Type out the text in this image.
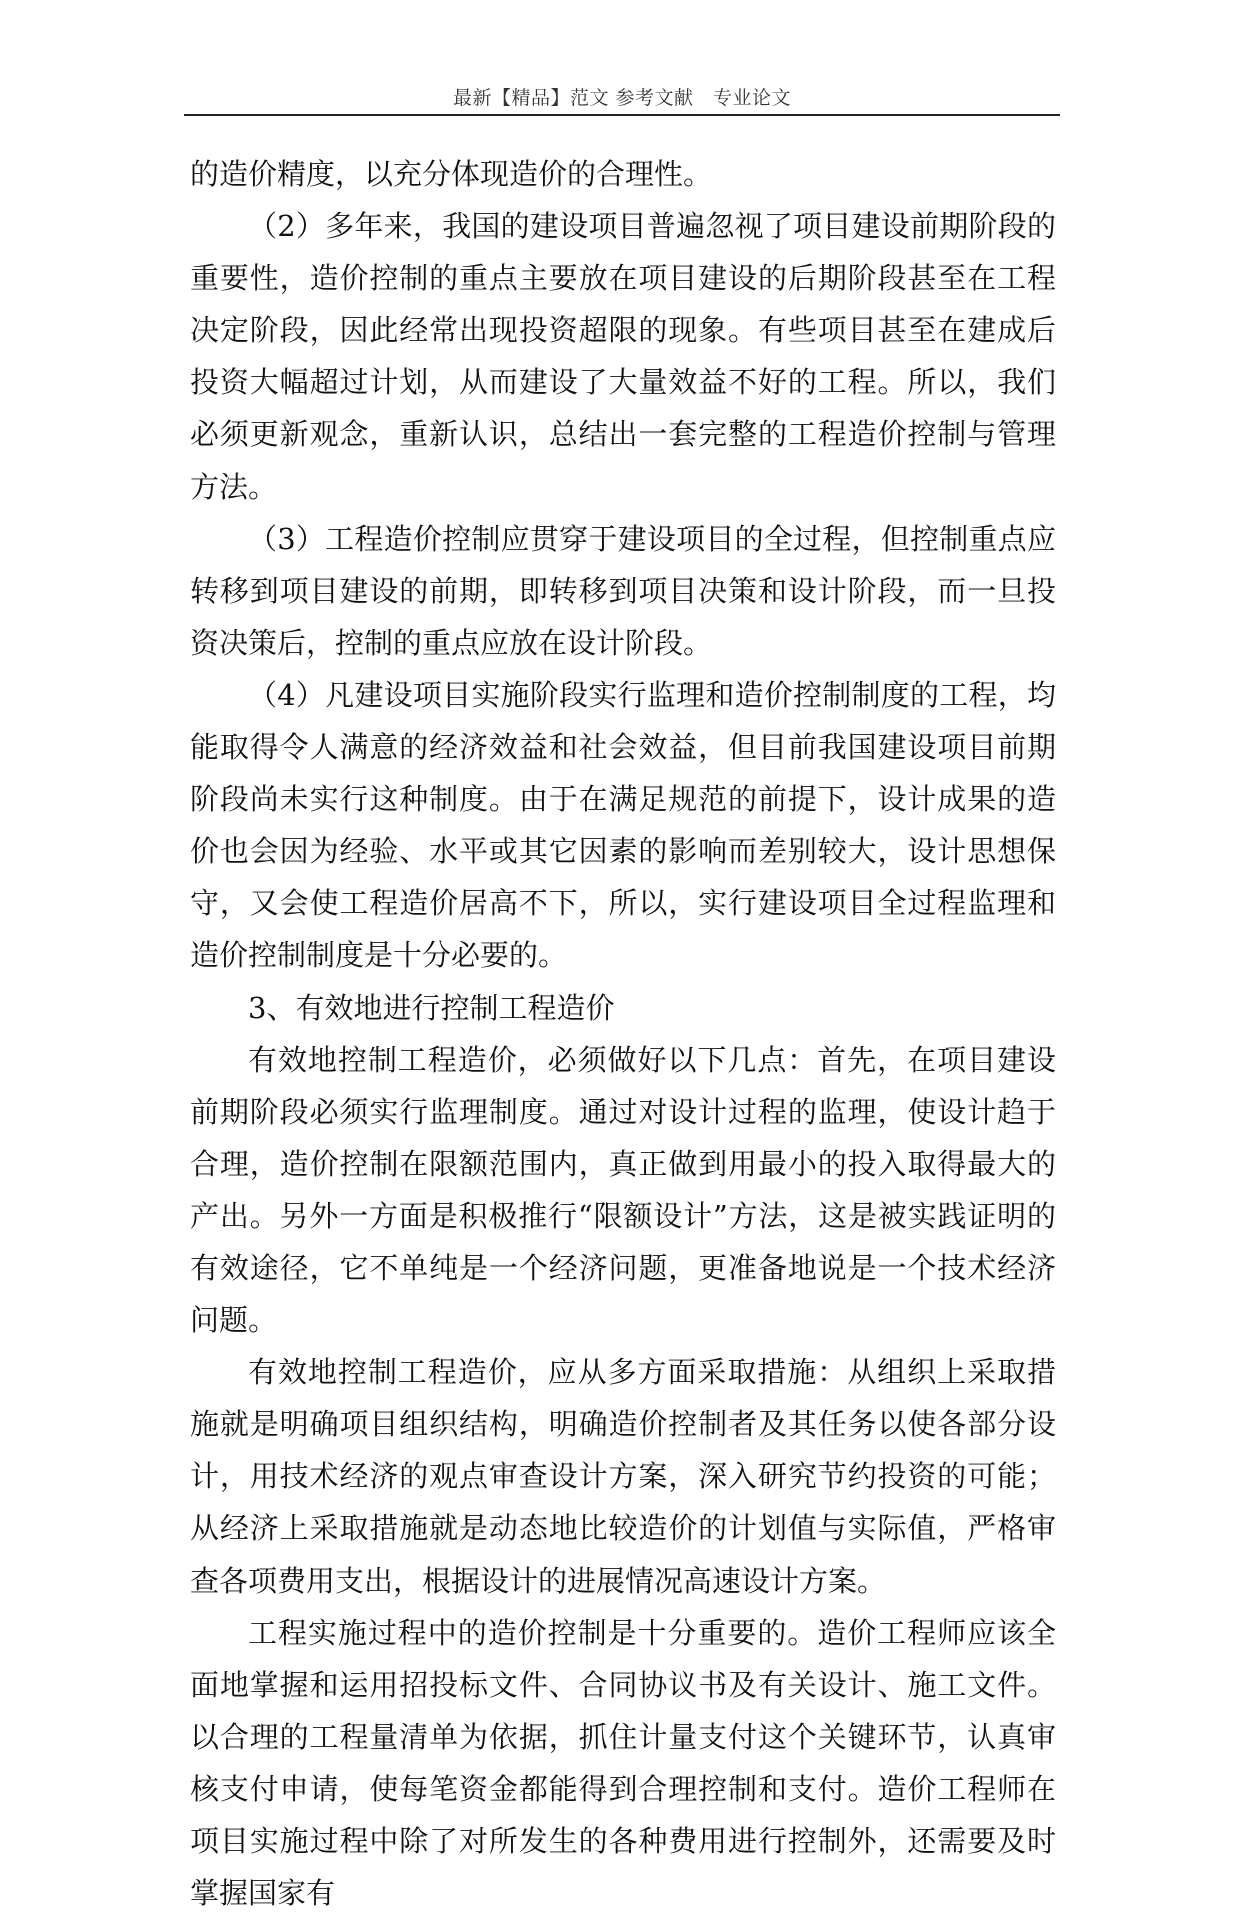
最新【精品】范文 参考文献　专业论文

的造价精度，以充分体现造价的合理性。

（2）多年来，我国的建设项目普遍忽视了项目建设前期阶段的重要性，造价控制的重点主要放在项目建设的后期阶段甚至在工程决定阶段，因此经常出现投资超限的现象。有些项目甚至在建成后投资大幅超过计划，从而建设了大量效益不好的工程。所以，我们必须更新观念，重新认识，总结出一套完整的工程造价控制与管理方法。

（3）工程造价控制应贯穿于建设项目的全过程，但控制重点应转移到项目建设的前期，即转移到项目决策和设计阶段，而一旦投资决策后，控制的重点应放在设计阶段。

（4）凡建设项目实施阶段实行监理和造价控制制度的工程，均能取得令人满意的经济效益和社会效益，但目前我国建设项目前期阶段尚未实行这种制度。由于在满足规范的前提下，设计成果的造价也会因为经验、水平或其它因素的影响而差别较大，设计思想保守，又会使工程造价居高不下，所以，实行建设项目全过程监理和造价控制制度是十分必要的。

3、有效地进行控制工程造价

有效地控制工程造价，必须做好以下几点：首先，在项目建设前期阶段必须实行监理制度。通过对设计过程的监理，使设计趋于合理，造价控制在限额范围内，真正做到用最小的投入取得最大的产出。另外一方面是积极推行“限额设计”方法，这是被实践证明的有效途径，它不单纯是一个经济问题，更准备地说是一个技术经济问题。

有效地控制工程造价，应从多方面采取措施：从组织上采取措施就是明确项目组织结构，明确造价控制者及其任务以使各部分设计，用技术经济的观点审查设计方案，深入研究节约投资的可能；从经济上采取措施就是动态地比较造价的计划值与实际值，严格审查各项费用支出，根据设计的进展情况高速设计方案。

工程实施过程中的造价控制是十分重要的。造价工程师应该全面地掌握和运用招投标文件、合同协议书及有关设计、施工文件。以合理的工程量清单为依据，抓住计量支付这个关键环节，认真审核支付申请，使每笔资金都能得到合理控制和支付。造价工程师在项目实施过程中除了对所发生的各种费用进行控制外，还需要及时掌握国家有
